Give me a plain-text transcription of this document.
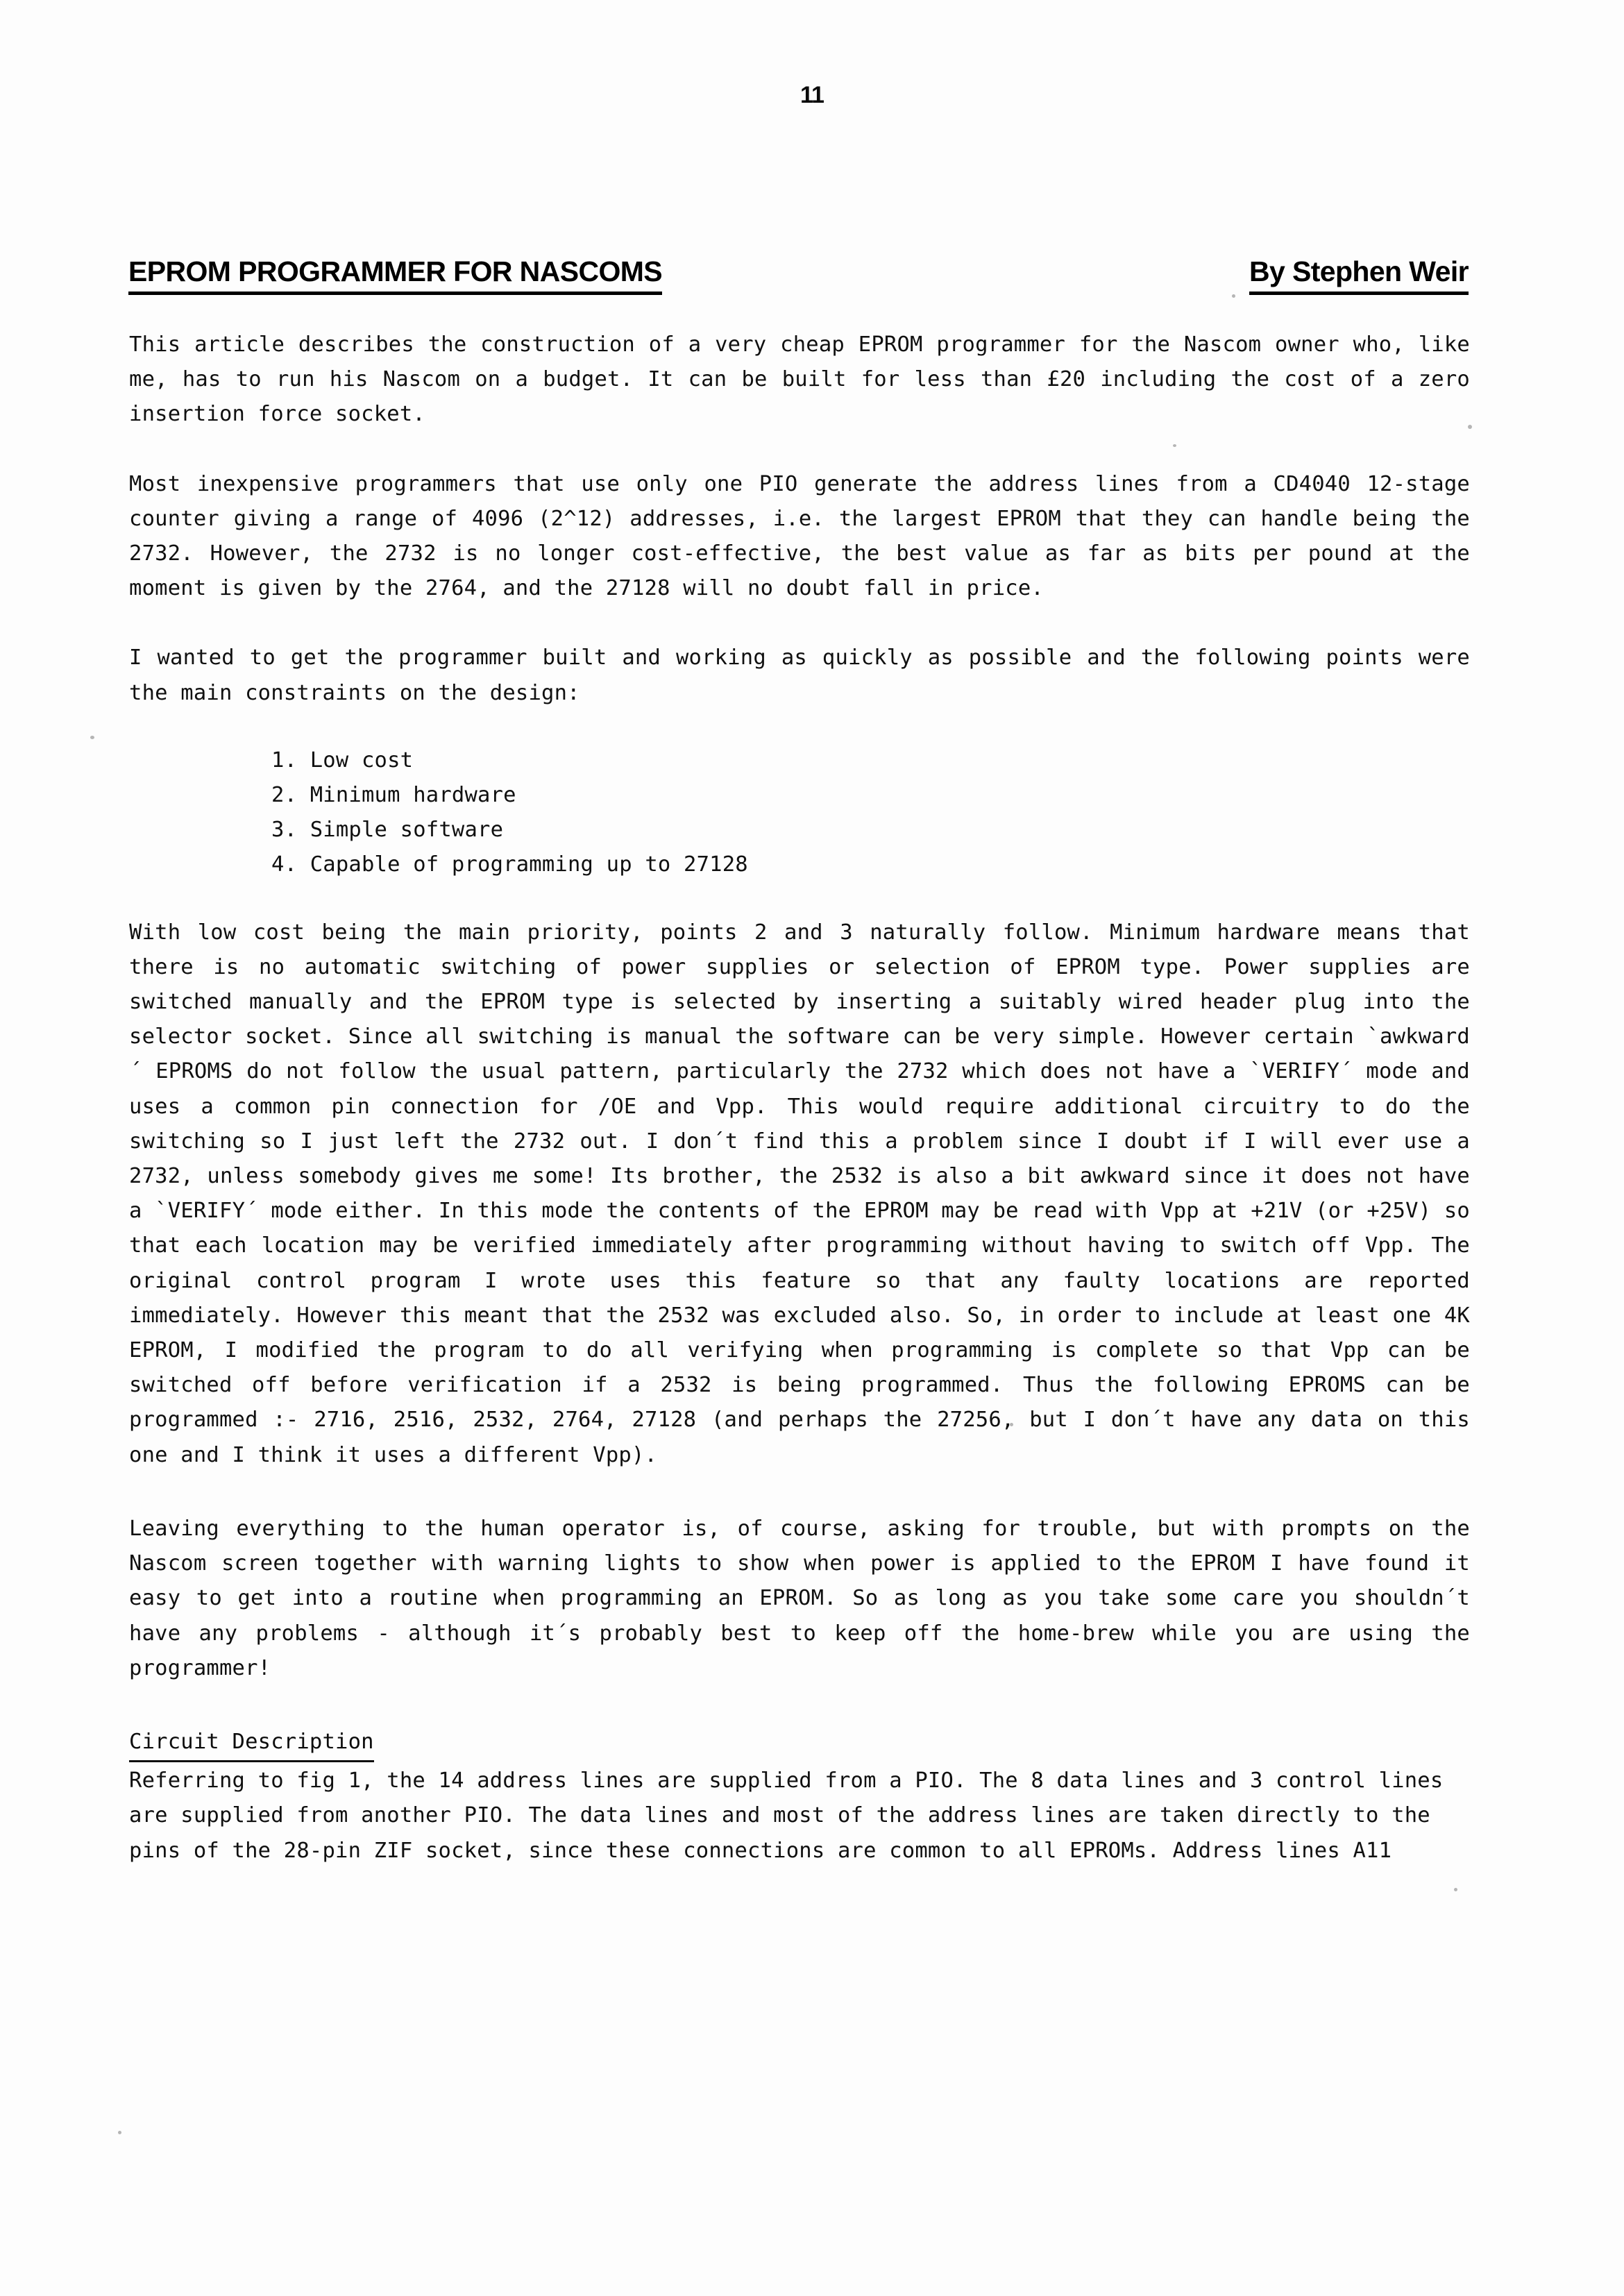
11
EPROM PROGRAMMER FOR NASCOMS	By Stephen Weir

This article describes the construction of a very cheap EPROM programmer for the Nascom owner who, like me, has to run his Nascom on a budget. It can be built for less than £20 including the cost of a zero insertion force socket.

Most inexpensive programmers that use only one PIO generate the address lines from a CD4040 12-stage counter giving a range of 4096 (2^12) addresses, i.e. the largest EPROM that they can handle being the 2732. However, the 2732 is no longer cost-effective, the best value as far as bits per pound at the moment is given by the 2764, and the 27128 will no doubt fall in price.

I wanted to get the programmer built and working as quickly as possible and the following points were the main constraints on the design:

1. Low cost
2. Minimum hardware
3. Simple software
4. Capable of programming up to 27128

With low cost being the main priority, points 2 and 3 naturally follow. Minimum hardware means that there is no automatic switching of power supplies or selection of EPROM type. Power supplies are switched manually and the EPROM type is selected by inserting a suitably wired header plug into the selector socket. Since all switching is manual the software can be very simple. However certain `awkward´ EPROMS do not follow the usual pattern, particularly the 2732 which does not have a `VERIFY´ mode and uses a common pin connection for /OE and Vpp. This would require additional circuitry to do the switching so I just left the 2732 out. I don´t find this a problem since I doubt if I will ever use a 2732, unless somebody gives me some! Its brother, the 2532 is also a bit awkward since it does not have a `VERIFY´ mode either. In this mode the contents of the EPROM may be read with Vpp at +21V (or +25V) so that each location may be verified immediately after programming without having to switch off Vpp. The original control program I wrote uses this feature so that any faulty locations are reported immediately. However this meant that the 2532 was excluded also. So, in order to include at least one 4K EPROM, I modified the program to do all verifying when programming is complete so that Vpp can be switched off before verification if a 2532 is being programmed. Thus the following EPROMS can be programmed :- 2716, 2516, 2532, 2764, 27128 (and perhaps the 27256, but I don´t have any data on this one and I think it uses a different Vpp).

Leaving everything to the human operator is, of course, asking for trouble, but with prompts on the Nascom screen together with warning lights to show when power is applied to the EPROM I have found it easy to get into a routine when programming an EPROM. So as long as you take some care you shouldn´t have any problems - although it´s probably best to keep off the home-brew while you are using the programmer!

Circuit Description

Referring to fig 1, the 14 address lines are supplied from a PIO. The 8 data lines and 3 control lines are supplied from another PIO. The data lines and most of the address lines are taken directly to the pins of the 28-pin ZIF socket, since these connections are common to all EPROMs. Address lines A11
